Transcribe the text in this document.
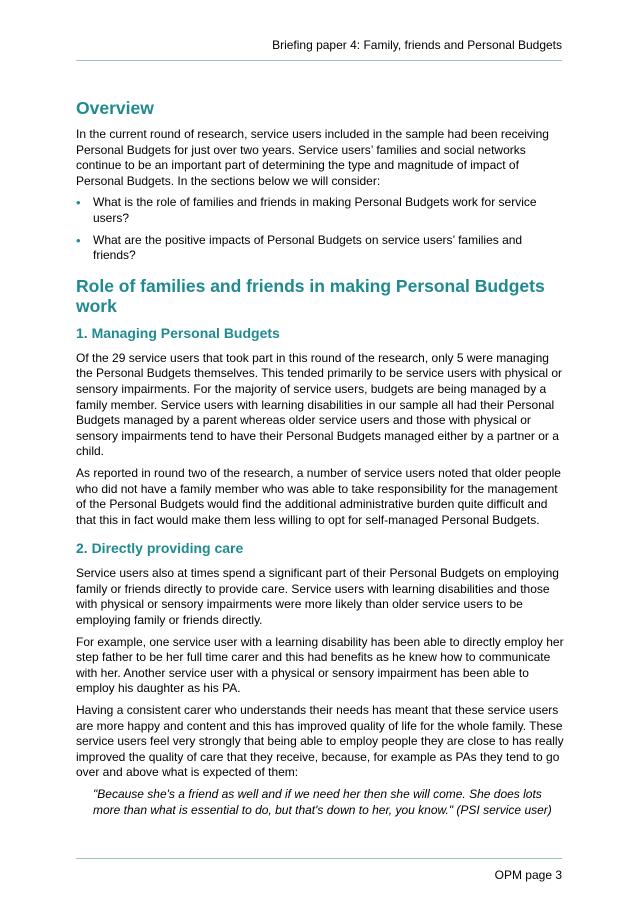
Briefing paper 4: Family, friends and Personal Budgets
Overview

In the current round of research, service users included in the sample had been receiving Personal Budgets for just over two years. Service users’ families and social networks continue to be an important part of determining the type and magnitude of impact of Personal Budgets. In the sections below we will consider:

• What is the role of families and friends in making Personal Budgets work for service users?
• What are the positive impacts of Personal Budgets on service users’ families and friends?
Role of families and friends in making Personal Budgets work
1. Managing Personal Budgets

Of the 29 service users that took part in this round of the research, only 5 were managing the Personal Budgets themselves. This tended primarily to be service users with physical or sensory impairments. For the majority of service users, budgets are being managed by a family member. Service users with learning disabilities in our sample all had their Personal Budgets managed by a parent whereas older service users and those with physical or sensory impairments tend to have their Personal Budgets managed either by a partner or a child.

As reported in round two of the research, a number of service users noted that older people who did not have a family member who was able to take responsibility for the management of the Personal Budgets would find the additional administrative burden quite difficult and that this in fact would make them less willing to opt for self-managed Personal Budgets.

2. Directly providing care

Service users also at times spend a significant part of their Personal Budgets on employing family or friends directly to provide care. Service users with learning disabilities and those with physical or sensory impairments were more likely than older service users to be employing family or friends directly.

For example, one service user with a learning disability has been able to directly employ her step father to be her full time carer and this had benefits as he knew how to communicate with her. Another service user with a physical or sensory impairment has been able to employ his daughter as his PA.

Having a consistent carer who understands their needs has meant that these service users are more happy and content and this has improved quality of life for the whole family. These service users feel very strongly that being able to employ people they are close to has really improved the quality of care that they receive, because, for example as PAs they tend to go over and above what is expected of them:

"Because she's a friend as well and if we need her then she will come. She does lots more than what is essential to do, but that's down to her, you know." (PSI service user)

OPM page 3
